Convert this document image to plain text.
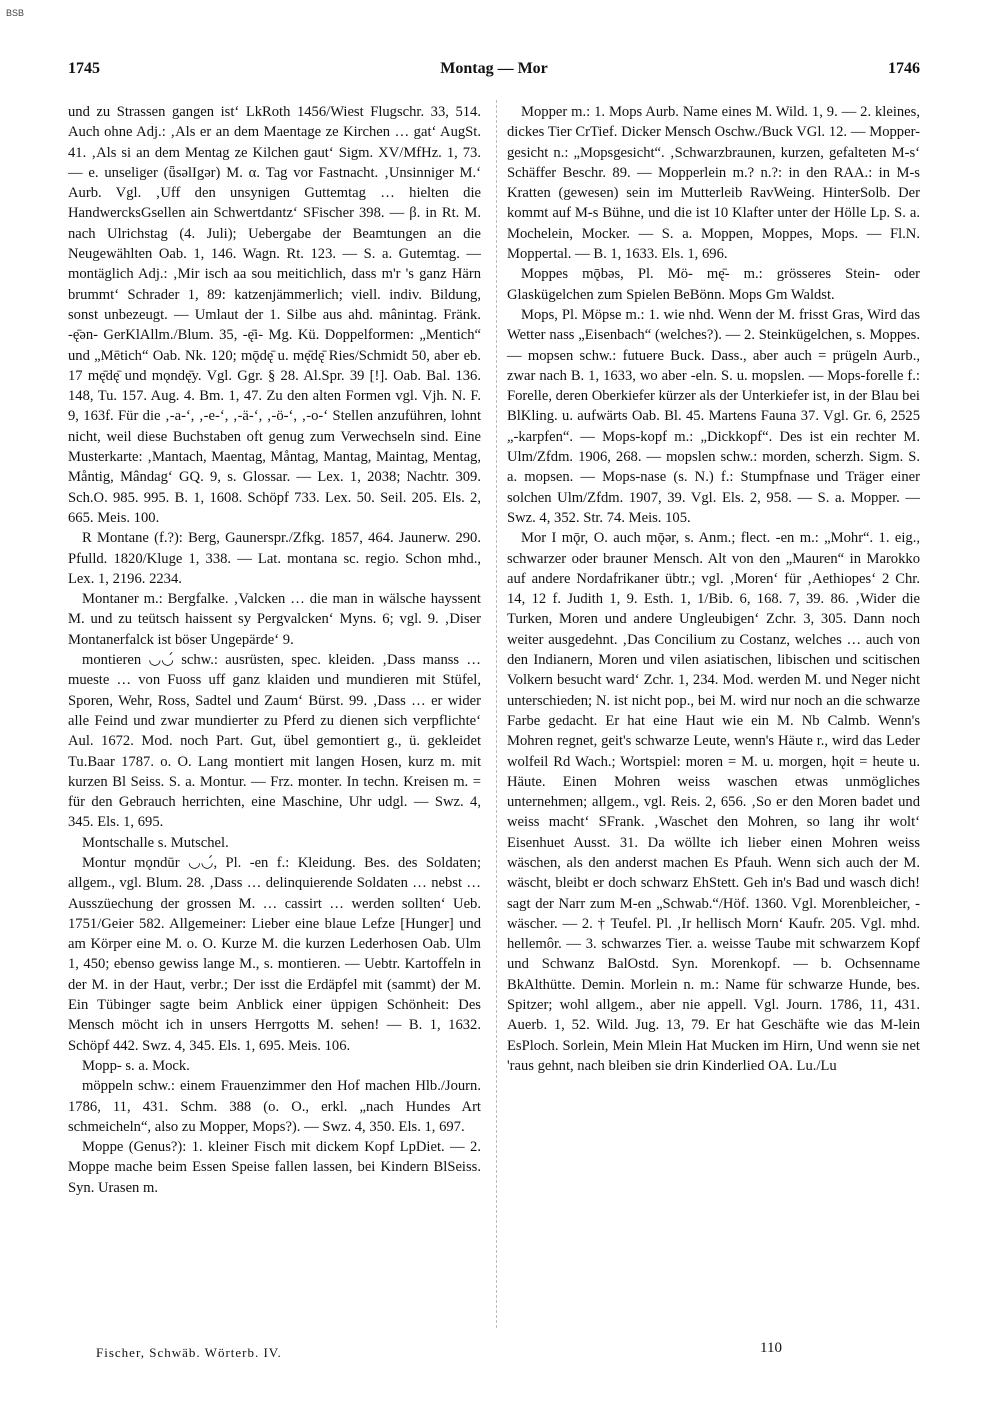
BSB
1745	Montag — Mor	1746

und zu Strassen gangen ist‘ LkRoth 1456/Wiest Flugschr. 33, 514. Auch ohne Adj.: ‚Als er an dem Maentage ze Kirchen … gat‘ AugSt. 41. ‚Als si an dem Mentag ze Kilchen gaut‘ Sigm. XV/MfHz. 1, 73. — e. unseliger (ǖsǝlIgǝr) M. α. Tag vor Fastnacht. ‚Unsinniger M.‘ Aurb. Vgl. ‚Uff den unsynigen Guttemtag … hielten die HandwercksGsellen ain Schwertdantz‘ SFischer 398. — β. in Rt. M. nach Ulrichstag (4. Juli); Uebergabe der Beamtungen an die Neugewählten Oab. 1, 146. Wagn. Rt. 123. — S. a. Gutemtag. — montäglich Adj.: ‚Mir isch aa sou meitichlich, dass m'r 's ganz Härn brummt‘ Schrader 1, 89: katzenjämmerlich; viell. indiv. Bildung, sonst unbezeugt. — Umlaut der 1. Silbe aus ahd. mânintag. Fränk. -ę̄ǝn- GerKlAllm./Blum. 35, -ę̄i- Mg. Kü. Doppelformen: „Mentich“ und „Mētich“ Oab. Nk. 120; mǭdę̄ u. mę̄dę̄ Ries/Schmidt 50, aber eb. 17 mę̄dę̄ und mǫndę̄y. Vgl. Ggr. § 28. Al.Spr. 39 [!]. Oab. Bal. 136. 148, Tu. 157. Aug. 4. Bm. 1, 47. Zu den alten Formen vgl. Vjh. N. F. 9, 163f. Für die ‚-a-‘, ‚-e-‘, ‚-ä-‘, ‚-ö-‘, ‚-o-‘ Stellen anzuführen, lohnt nicht, weil diese Buchstaben oft genug zum Verwechseln sind. Eine Musterkarte: ‚Mantach, Maentag, Måntag, Mantag, Maintag, Mentag, Måntig, Mândag‘ GQ. 9, s. Glossar. — Lex. 1, 2038; Nachtr. 309. Sch.O. 985. 995. B. 1, 1608. Schöpf 733. Lex. 50. Seil. 205. Els. 2, 665. Meis. 100.

R Montane (f.?): Berg, Gaunerspr./Zfkg. 1857, 464. Jaunerw. 290. Pfulld. 1820/Kluge 1, 338. — Lat. montana sc. regio. Schon mhd., Lex. 1, 2196. 2234.

Montaner m.: Bergfalke. ‚Valcken … die man in wälsche hayssent M. und zu teütsch haissent sy Pergvalcken‘ Myns. 6; vgl. 9. ‚Diser Montanerfalck ist böser Ungepärde‘ 9.

montieren ◡◡́ schw.: ausrüsten, spec. kleiden. ‚Dass manss … mueste … von Fuoss uff ganz klaiden und mundieren mit Stüfel, Sporen, Wehr, Ross, Sadtel und Zaum‘ Bürst. 99. ‚Dass … er wider alle Feind und zwar mundierter zu Pferd zu dienen sich verpflichte‘ Aul. 1672. Mod. noch Part. Gut, übel gemontiert g., ü. gekleidet Tu.Baar 1787. o. O. Lang montiert mit langen Hosen, kurz m. mit kurzen Bl Seiss. S. a. Montur. — Frz. monter. In techn. Kreisen m. = für den Gebrauch herrichten, eine Maschine, Uhr udgl. — Swz. 4, 345. Els. 1, 695.

Montschalle s. Mutschel.

Montur mǫndūr ◡◡́, Pl. -en f.: Kleidung. Bes. des Soldaten; allgem., vgl. Blum. 28. ‚Dass … delinquierende Soldaten … nebst … Ausszüechung der grossen M. … cassirt … werden sollten‘ Ueb. 1751/Geier 582. Allgemeiner: Lieber eine blaue Lefze [Hunger] und am Körper eine M. o. O. Kurze M. die kurzen Lederhosen Oab. Ulm 1, 450; ebenso gewiss lange M., s. montieren. — Uebtr. Kartoffeln in der M. in der Haut, verbr.; Der isst die Erdäpfel mit (sammt) der M. Ein Tübinger sagte beim Anblick einer üppigen Schönheit: Des Mensch möcht ich in unsers Herrgotts M. sehen! — B. 1, 1632. Schöpf 442. Swz. 4, 345. Els. 1, 695. Meis. 106.

Mopp- s. a. Mock.

möppeln schw.: einem Frauenzimmer den Hof machen Hlb./Journ. 1786, 11, 431. Schm. 388 (o. O., erkl. „nach Hundes Art schmeicheln“, also zu Mopper, Mops?). — Swz. 4, 350. Els. 1, 697.

Moppe (Genus?): 1. kleiner Fisch mit dickem Kopf LpDiet. — 2. Moppe mache beim Essen Speise fallen lassen, bei Kindern BlSeiss. Syn. Urasen m.

Mopper m.: 1. Mops Aurb. Name eines M. Wild. 1, 9. — 2. kleines, dickes Tier CrTief. Dicker Mensch Oschw./Buck VGl. 12. — Mopper-gesicht n.: „Mopsgesicht“. ‚Schwarzbraunen, kurzen, gefalteten M-s‘ Schäffer Beschr. 89. — Mopperlein m.? n.?: in den RAA.: in M-s Kratten (gewesen) sein im Mutterleib RavWeing. HinterSolb. Der kommt auf M-s Bühne, und die ist 10 Klafter unter der Hölle Lp. S. a. Mochelein, Mocker. — S. a. Moppen, Moppes, Mops. — Fl.N. Moppertal. — B. 1, 1633. Els. 1, 696.

Moppes mǭbǝs, Pl. Mö- mę̄- m.: grösseres Stein- oder Glaskügelchen zum Spielen BeBönn. Mops Gm Waldst.

Mops, Pl. Möpse m.: 1. wie nhd. Wenn der M. frisst Gras, Wird das Wetter nass „Eisenbach“ (welches?). — 2. Steinkügelchen, s. Moppes. — mopsen schw.: futuere Buck. Dass., aber auch = prügeln Aurb., zwar nach B. 1, 1633, wo aber -eln. S. u. mopslen. — Mops-forelle f.: Forelle, deren Oberkiefer kürzer als der Unterkiefer ist, in der Blau bei BlKling. u. aufwärts Oab. Bl. 45. Martens Fauna 37. Vgl. Gr. 6, 2525 „-karpfen“. — Mops-kopf m.: „Dickkopf“. Des ist ein rechter M. Ulm/Zfdm. 1906, 268. — mopslen schw.: morden, scherzh. Sigm. S. a. mopsen. — Mops-nase (s. N.) f.: Stumpfnase und Träger einer solchen Ulm/Zfdm. 1907, 39. Vgl. Els. 2, 958. — S. a. Mopper. — Swz. 4, 352. Str. 74. Meis. 105.

Mor I mǭr, O. auch mǭǝr, s. Anm.; flect. -en m.: „Mohr“. 1. eig., schwarzer oder brauner Mensch. Alt von den „Mauren“ in Marokko auf andere Nordafrikaner übtr.; vgl. ‚Moren‘ für ‚Aethiopes‘ 2 Chr. 14, 12 f. Judith 1, 9. Esth. 1, 1/Bib. 6, 168. 7, 39. 86. ‚Wider die Turken, Moren und andere Ungleubigen‘ Zchr. 3, 305. Dann noch weiter ausgedehnt. ‚Das Concilium zu Costanz, welches … auch von den Indianern, Moren und vilen asiatischen, libischen und scitischen Volkern besucht ward‘ Zchr. 1, 234. Mod. werden M. und Neger nicht unterschieden; N. ist nicht pop., bei M. wird nur noch an die schwarze Farbe gedacht. Er hat eine Haut wie ein M. Nb Calmb. Wenn's Mohren regnet, geit's schwarze Leute, wenn's Häute r., wird das Leder wolfeil Rd Wach.; Wortspiel: moren = M. u. morgen, hǫit = heute u. Häute. Einen Mohren weiss waschen etwas unmögliches unternehmen; allgem., vgl. Reis. 2, 656. ‚So er den Moren badet und weiss macht‘ SFrank. ‚Waschet den Mohren, so lang ihr wolt‘ Eisenhuet Ausst. 31. Da wöllte ich lieber einen Mohren weiss wäschen, als den anderst machen Es Pfauh. Wenn sich auch der M. wäscht, bleibt er doch schwarz EhStett. Geh in's Bad und wasch dich! sagt der Narr zum M-en „Schwab.“/Höf. 1360. Vgl. Morenbleicher, -wäscher. — 2. † Teufel. Pl. ‚Ir hellisch Morn‘ Kaufr. 205. Vgl. mhd. hellemôr. — 3. schwarzes Tier. a. weisse Taube mit schwarzem Kopf und Schwanz BalOstd. Syn. Morenkopf. — b. Ochsenname BkAlthütte. Demin. Morlein n. m.: Name für schwarze Hunde, bes. Spitzer; wohl allgem., aber nie appell. Vgl. Journ. 1786, 11, 431. Auerb. 1, 52. Wild. Jug. 13, 79. Er hat Geschäfte wie das M-lein EsPloch. Sorlein, Mein Mlein Hat Mucken im Hirn, Und wenn sie net 'raus gehnt, nach bleiben sie drin Kinderlied OA. Lu./Lu

Fischer, Schwäb. Wörterb. IV.	110
